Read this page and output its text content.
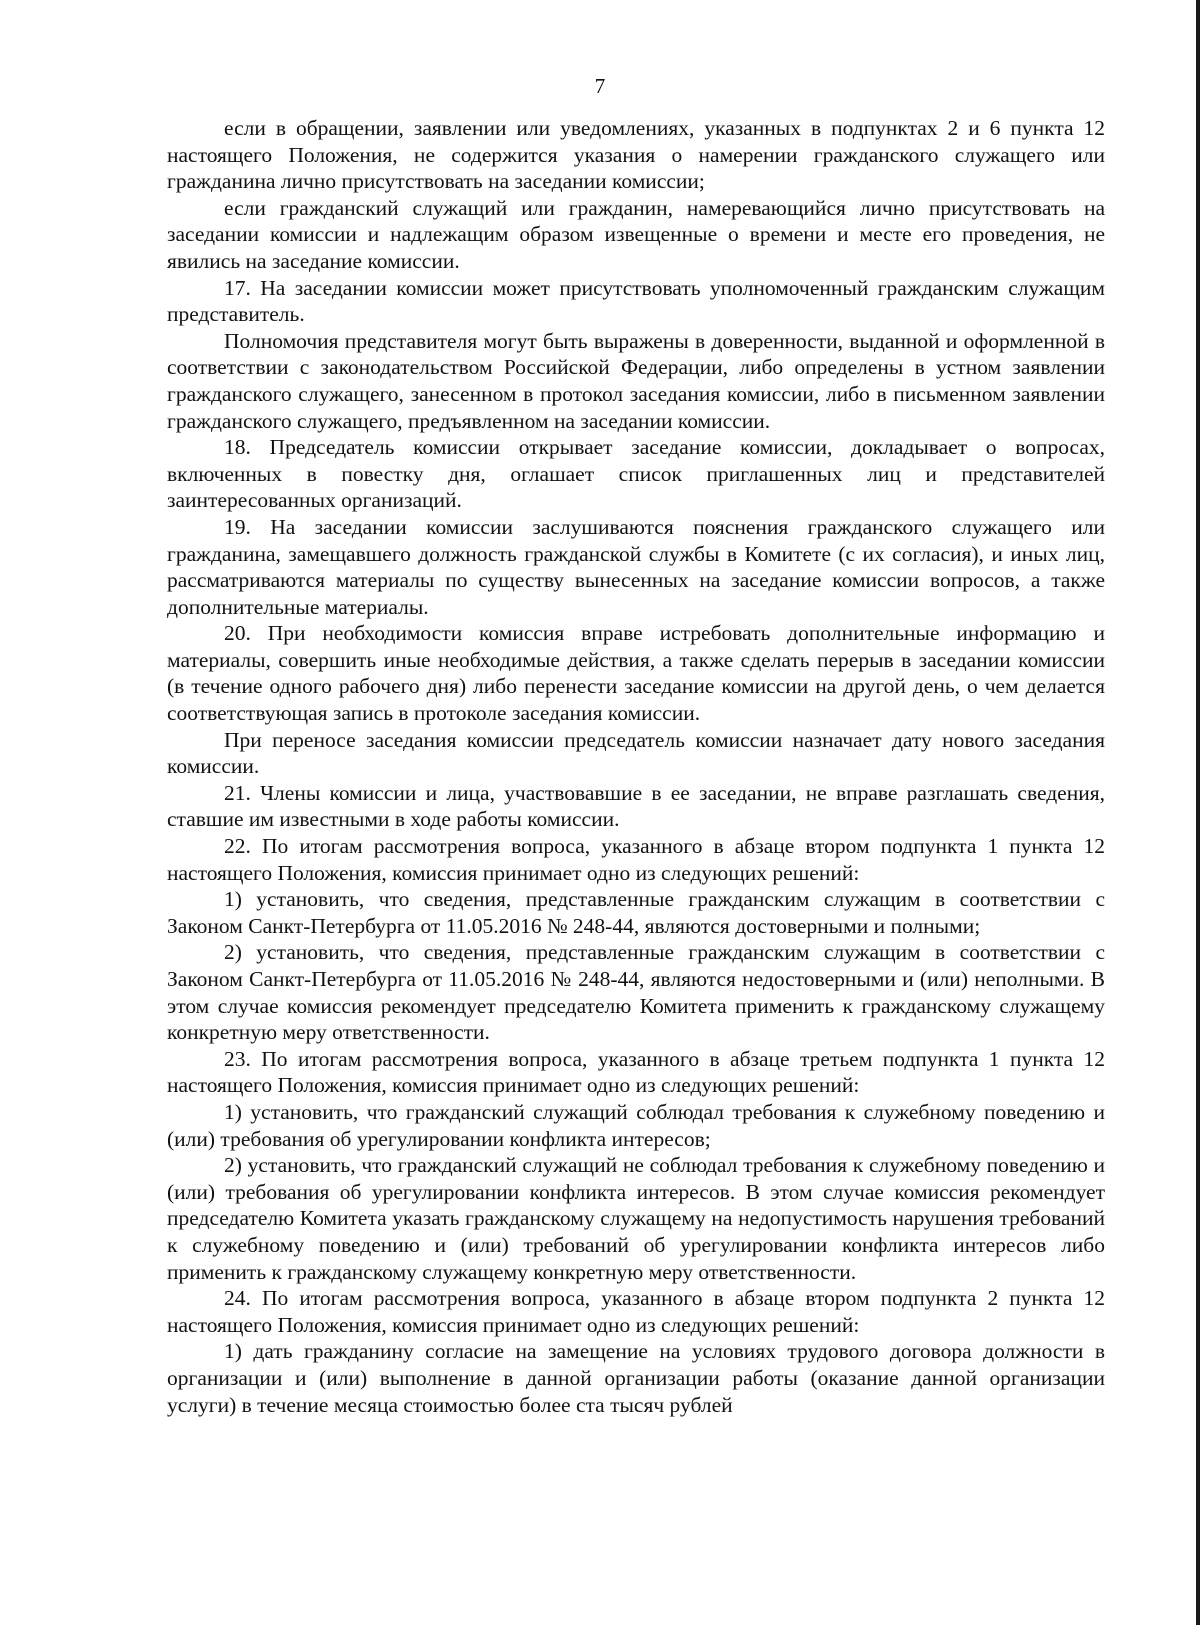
7

если в обращении, заявлении или уведомлениях, указанных в подпунктах 2 и 6 пункта 12 настоящего Положения, не содержится указания о намерении гражданского служащего или гражданина лично присутствовать на заседании комиссии;

если гражданский служащий или гражданин, намеревающийся лично присутствовать на заседании комиссии и надлежащим образом извещенные о времени и месте его проведения, не явились на заседание комиссии.

17. На заседании комиссии может присутствовать уполномоченный гражданским служащим представитель.

Полномочия представителя могут быть выражены в доверенности, выданной и оформленной в соответствии с законодательством Российской Федерации, либо определены в устном заявлении гражданского служащего, занесенном в протокол заседания комиссии, либо в письменном заявлении гражданского служащего, предъявленном на заседании комиссии.

18. Председатель комиссии открывает заседание комиссии, докладывает о вопросах, включенных в повестку дня, оглашает список приглашенных лиц и представителей заинтересованных организаций.

19. На заседании комиссии заслушиваются пояснения гражданского служащего или гражданина, замещавшего должность гражданской службы в Комитете (с их согласия), и иных лиц, рассматриваются материалы по существу вынесенных на заседание комиссии вопросов, а также дополнительные материалы.

20. При необходимости комиссия вправе истребовать дополнительные информацию и материалы, совершить иные необходимые действия, а также сделать перерыв в заседании комиссии (в течение одного рабочего дня) либо перенести заседание комиссии на другой день, о чем делается соответствующая запись в протоколе заседания комиссии.

При переносе заседания комиссии председатель комиссии назначает дату нового заседания комиссии.

21. Члены комиссии и лица, участвовавшие в ее заседании, не вправе разглашать сведения, ставшие им известными в ходе работы комиссии.

22. По итогам рассмотрения вопроса, указанного в абзаце втором подпункта 1 пункта 12 настоящего Положения, комиссия принимает одно из следующих решений:

1) установить, что сведения, представленные гражданским служащим в соответствии с Законом Санкт-Петербурга от 11.05.2016 № 248-44, являются достоверными и полными;

2) установить, что сведения, представленные гражданским служащим в соответствии с Законом Санкт-Петербурга от 11.05.2016 № 248-44, являются недостоверными и (или) неполными. В этом случае комиссия рекомендует председателю Комитета применить к гражданскому служащему конкретную меру ответственности.

23. По итогам рассмотрения вопроса, указанного в абзаце третьем подпункта 1 пункта 12 настоящего Положения, комиссия принимает одно из следующих решений:

1) установить, что гражданский служащий соблюдал требования к служебному поведению и (или) требования об урегулировании конфликта интересов;

2) установить, что гражданский служащий не соблюдал требования к служебному поведению и (или) требования об урегулировании конфликта интересов. В этом случае комиссия рекомендует председателю Комитета указать гражданскому служащему на недопустимость нарушения требований к служебному поведению и (или) требований об урегулировании конфликта интересов либо применить к гражданскому служащему конкретную меру ответственности.

24. По итогам рассмотрения вопроса, указанного в абзаце втором подпункта 2 пункта 12 настоящего Положения, комиссия принимает одно из следующих решений:

1) дать гражданину согласие на замещение на условиях трудового договора должности в организации и (или) выполнение в данной организации работы (оказание данной организации услуги) в течение месяца стоимостью более ста тысяч рублей
